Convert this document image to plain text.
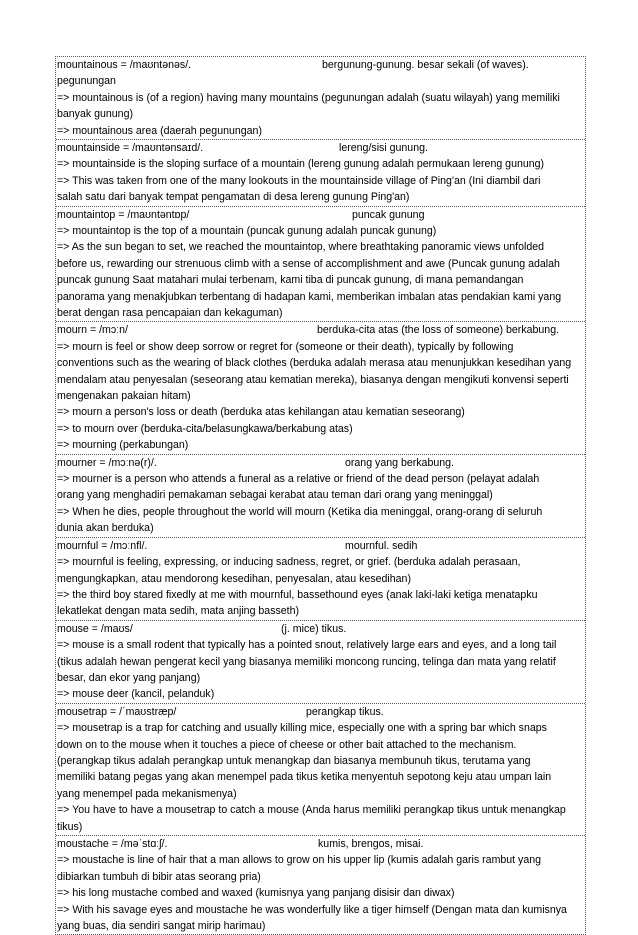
mountainous = /maʊntənəs/.	bergunung-gunung. besar sekali (of waves).
pegunungan
=> mountainous is (of a region) having many mountains (pegunungan adalah (suatu wilayah) yang memiliki
banyak gunung)
=> mountainous area (daerah pegunungan)
mountainside = /maʊntənsaɪd/.	lereng/sisi gunung.
=> mountainside is the sloping surface of a mountain (lereng gunung adalah permukaan lereng gunung)
=> This was taken from one of the many lookouts in the mountainside village of Ping'an (Ini diambil dari
salah satu dari banyak tempat pengamatan di desa lereng gunung Ping'an)
mountaintop = /maʊntəntɒp/	puncak gunung
=> mountaintop is the top of a mountain (puncak gunung adalah puncak gunung)
=> As the sun began to set, we reached the mountaintop, where breathtaking panoramic views unfolded
before us, rewarding our strenuous climb with a sense of accomplishment and awe (Puncak gunung adalah
puncak gunung Saat matahari mulai terbenam, kami tiba di puncak gunung, di mana pemandangan
panorama yang menakjubkan terbentang di hadapan kami, memberikan imbalan atas pendakian kami yang
berat dengan rasa pencapaian dan kekaguman)
mourn = /mɔːn/	berduka-cita atas (the loss of someone) berkabung.
=> mourn is feel or show deep sorrow or regret for (someone or their death), typically by following
conventions such as the wearing of black clothes (berduka adalah merasa atau menunjukkan kesedihan yang
mendalam atau penyesalan (seseorang atau kematian mereka), biasanya dengan mengikuti konvensi seperti
mengenakan pakaian hitam)
=> mourn a person's loss or death (berduka atas kehilangan atau kematian seseorang)
=> to mourn over (berduka-cita/belasungkawa/berkabung atas)
=> mourning (perkabungan)
mourner = /mɔːnə(r)/.	orang yang berkabung.
=> mourner is a person who attends a funeral as a relative or friend of the dead person (pelayat adalah
orang yang menghadiri pemakaman sebagai kerabat atau teman dari orang yang meninggal)
=> When he dies, people throughout the world will mourn (Ketika dia meninggal, orang-orang di seluruh
dunia akan berduka)
mournful = /mɔːnfl/.	mournful. sedih
=> mournful is feeling, expressing, or inducing sadness, regret, or grief. (berduka adalah perasaan,
mengungkapkan, atau mendorong kesedihan, penyesalan, atau kesedihan)
=> the third boy stared fixedly at me with mournful, bassethound eyes (anak laki-laki ketiga menatapku
lekatlekat dengan mata sedih, mata anjing basseth)
mouse = /maʊs/	(j. mice) tikus.
=> mouse is a small rodent that typically has a pointed snout, relatively large ears and eyes, and a long tail
(tikus adalah hewan pengerat kecil yang biasanya memiliki moncong runcing, telinga dan mata yang relatif
besar, dan ekor yang panjang)
=> mouse deer (kancil, pelanduk)
mousetrap = /ˈmaʊstræp/	perangkap tikus.
=> mousetrap is a trap for catching and usually killing mice, especially one with a spring bar which snaps
down on to the mouse when it touches a piece of cheese or other bait attached to the mechanism.
(perangkap tikus adalah perangkap untuk menangkap dan biasanya membunuh tikus, terutama yang
memiliki batang pegas yang akan menempel pada tikus ketika menyentuh sepotong keju atau umpan lain
yang menempel pada mekanismenya)
=> You have to have a mousetrap to catch a mouse (Anda harus memiliki perangkap tikus untuk menangkap
tikus)
moustache = /məˈstɑːʃ/.	kumis, brengos, misai.
=> moustache is line of hair that a man allows to grow on his upper lip (kumis adalah garis rambut yang
dibiarkan tumbuh di bibir atas seorang pria)
=> his long mustache combed and waxed (kumisnya yang panjang disisir dan diwax)
=> With his savage eyes and moustache he was wonderfully like a tiger himself (Dengan mata dan kumisnya
yang buas, dia sendiri sangat mirip harimau)
